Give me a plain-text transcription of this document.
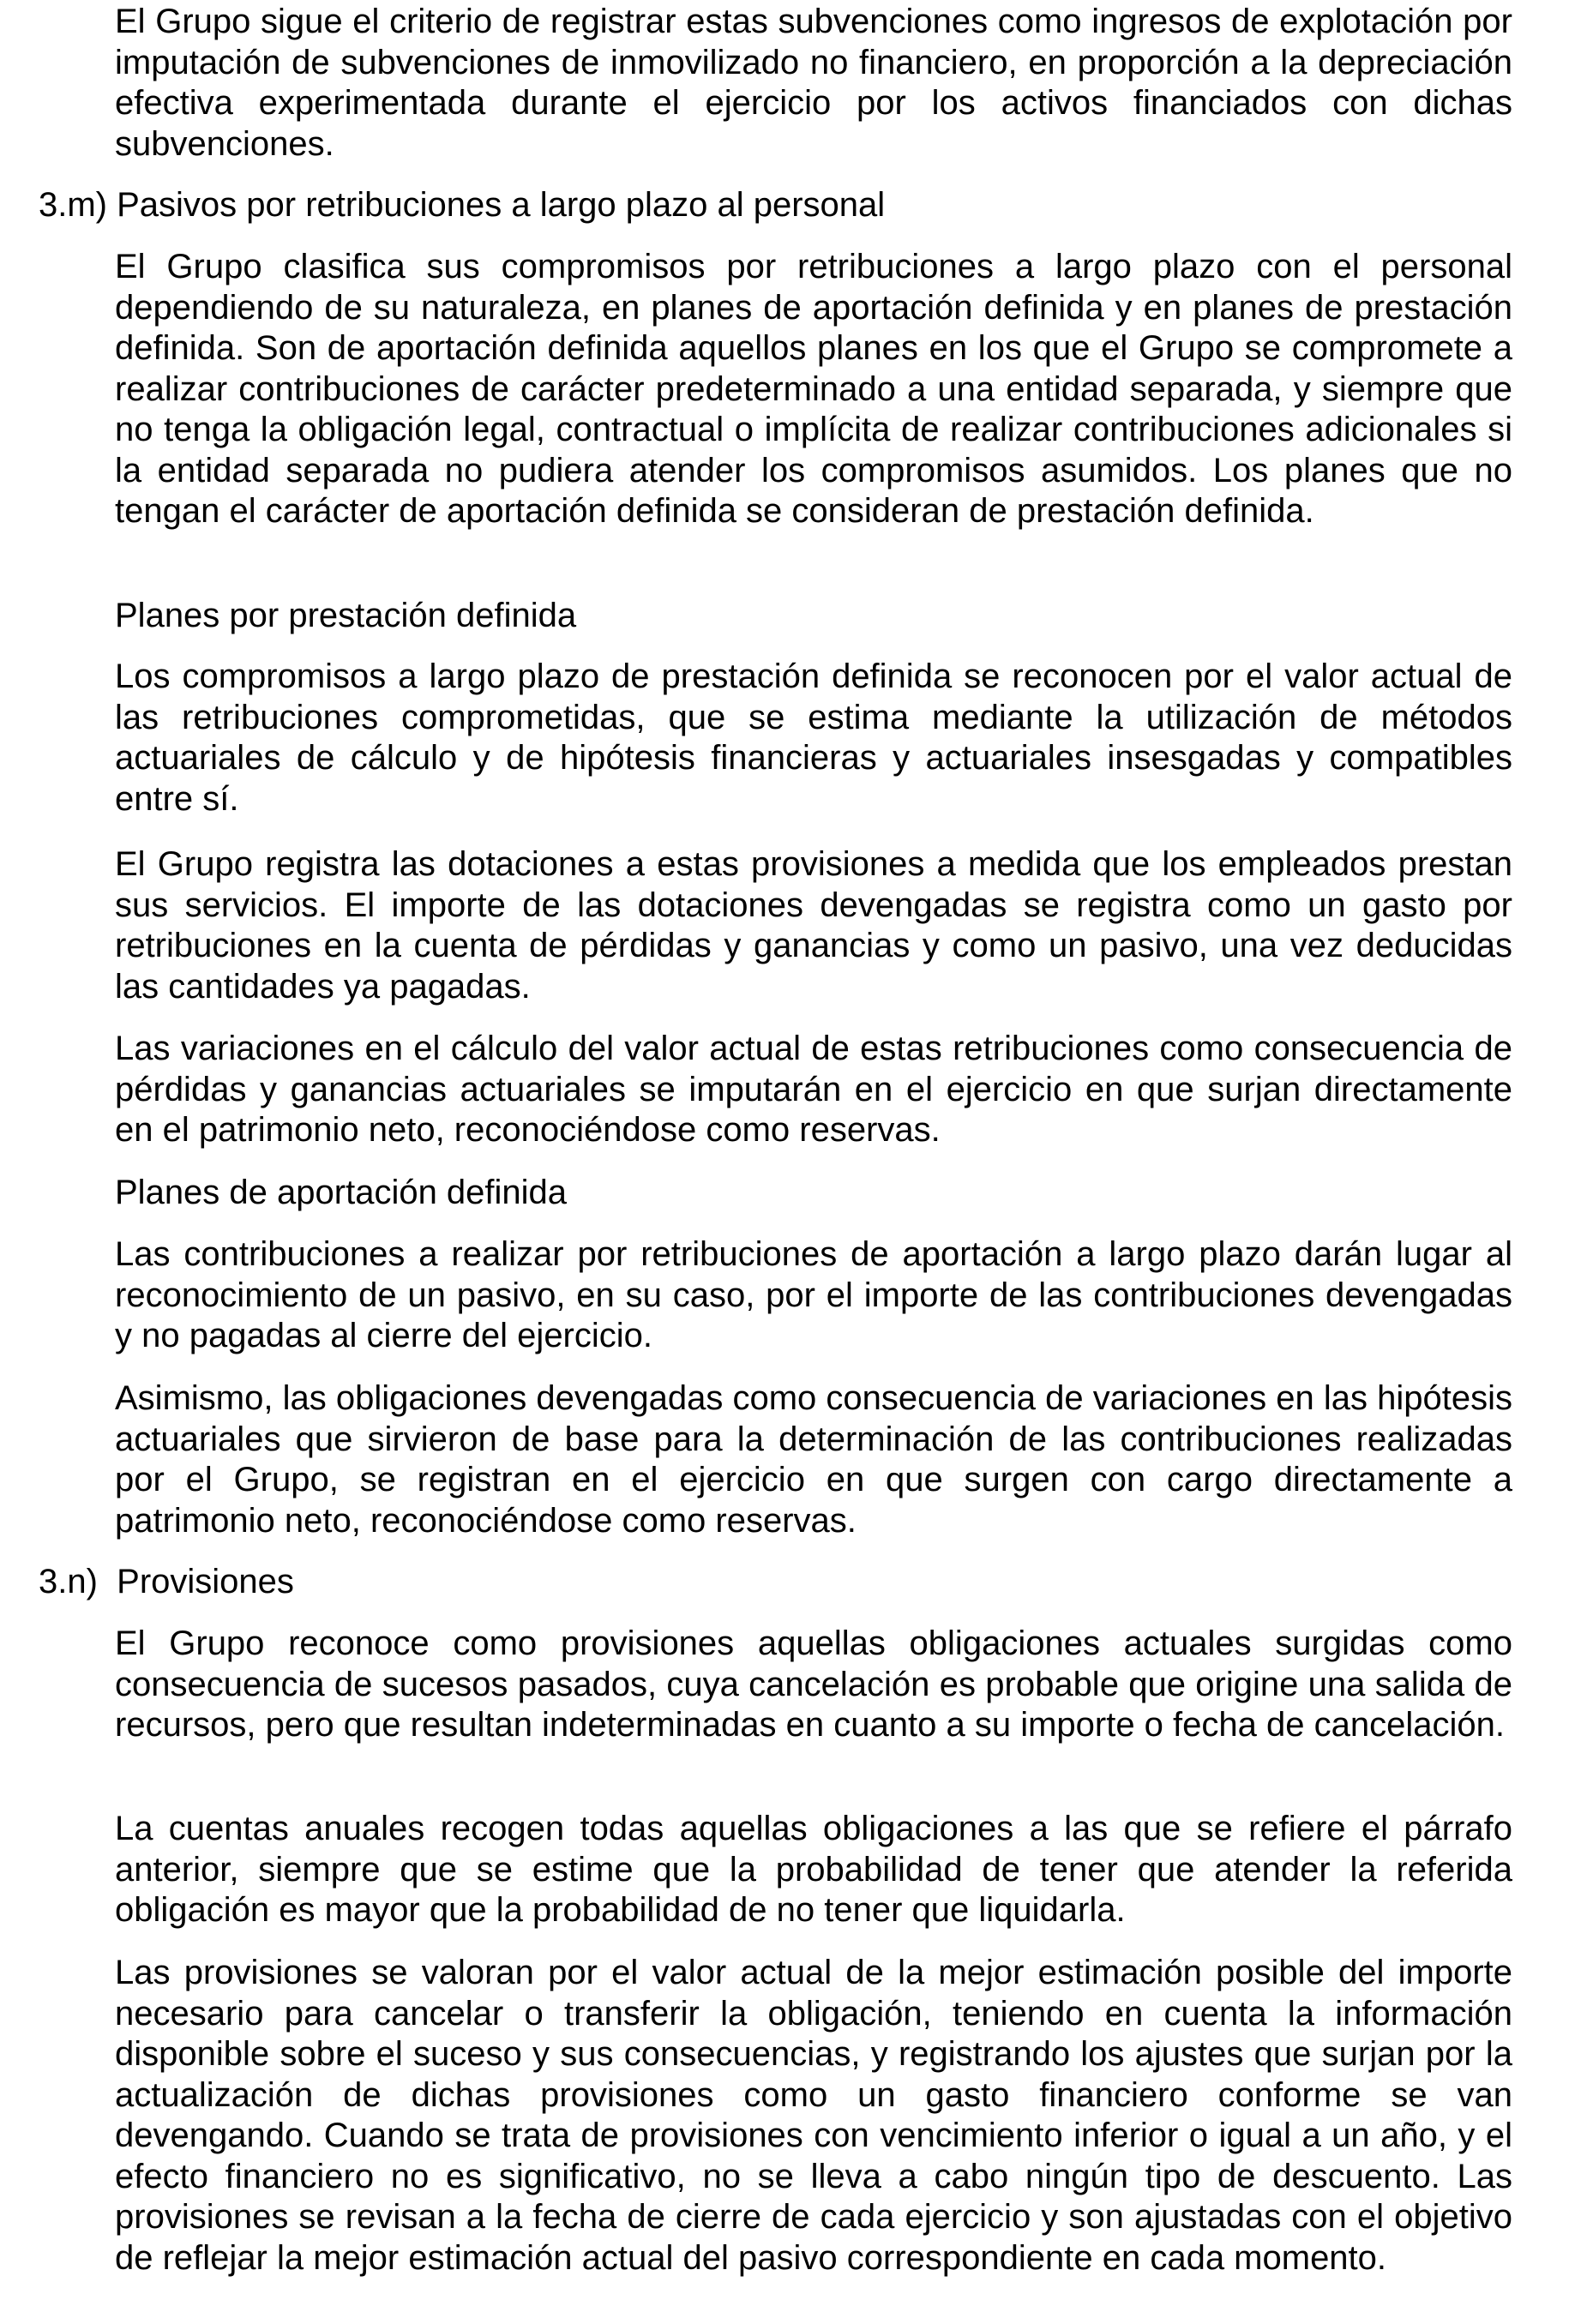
El Grupo sigue el criterio de registrar estas subvenciones como ingresos de explotación por imputación de subvenciones de inmovilizado no financiero, en proporción a la depreciación efectiva experimentada durante el ejercicio por los activos financiados con dichas subvenciones.

3.m) Pasivos por retribuciones a largo plazo al personal

El Grupo clasifica sus compromisos por retribuciones a largo plazo con el personal dependiendo de su naturaleza, en planes de aportación definida y en planes de prestación definida. Son de aportación definida aquellos planes en los que el Grupo se compromete a realizar contribuciones de carácter predeterminado a una entidad separada, y siempre que no tenga la obligación legal, contractual o implícita de realizar contribuciones adicionales si la entidad separada no pudiera atender los compromisos asumidos. Los planes que no tengan el carácter de aportación definida se consideran de prestación definida.

Planes por prestación definida

Los compromisos a largo plazo de prestación definida se reconocen por el valor actual de las retribuciones comprometidas, que se estima mediante la utilización de métodos actuariales de cálculo y de hipótesis financieras y actuariales insesgadas y compatibles entre sí.

El Grupo registra las dotaciones a estas provisiones a medida que los empleados prestan sus servicios. El importe de las dotaciones devengadas se registra como un gasto por retribuciones en la cuenta de pérdidas y ganancias y como un pasivo, una vez deducidas las cantidades ya pagadas.

Las variaciones en el cálculo del valor actual de estas retribuciones como consecuencia de pérdidas y ganancias actuariales se imputarán en el ejercicio en que surjan directamente en el patrimonio neto, reconociéndose como reservas.

Planes de aportación definida

Las contribuciones a realizar por retribuciones de aportación a largo plazo darán lugar al reconocimiento de un pasivo, en su caso, por el importe de las contribuciones devengadas y no pagadas al cierre del ejercicio.

Asimismo, las obligaciones devengadas como consecuencia de variaciones en las hipótesis actuariales que sirvieron de base para la determinación de las contribuciones realizadas por el Grupo, se registran en el ejercicio en que surgen con cargo directamente a patrimonio neto, reconociéndose como reservas.

3.n)  Provisiones

El Grupo reconoce como provisiones aquellas obligaciones actuales surgidas como consecuencia de sucesos pasados, cuya cancelación es probable que origine una salida de recursos, pero que resultan indeterminadas en cuanto a su importe o fecha de cancelación.

La cuentas anuales recogen todas aquellas obligaciones a las que se refiere el párrafo anterior, siempre que se estime que la probabilidad de tener que atender la referida obligación es mayor que la probabilidad de no tener que liquidarla.

Las provisiones se valoran por el valor actual de la mejor estimación posible del importe necesario para cancelar o transferir la obligación, teniendo en cuenta la información disponible sobre el suceso y sus consecuencias, y registrando los ajustes que surjan por la actualización de dichas provisiones como un gasto financiero conforme se van devengando. Cuando se trata de provisiones con vencimiento inferior o igual a un año, y el efecto financiero no es significativo, no se lleva a cabo ningún tipo de descuento. Las provisiones se revisan a la fecha de cierre de cada ejercicio y son ajustadas con el objetivo de reflejar la mejor estimación actual del pasivo correspondiente en cada momento.
